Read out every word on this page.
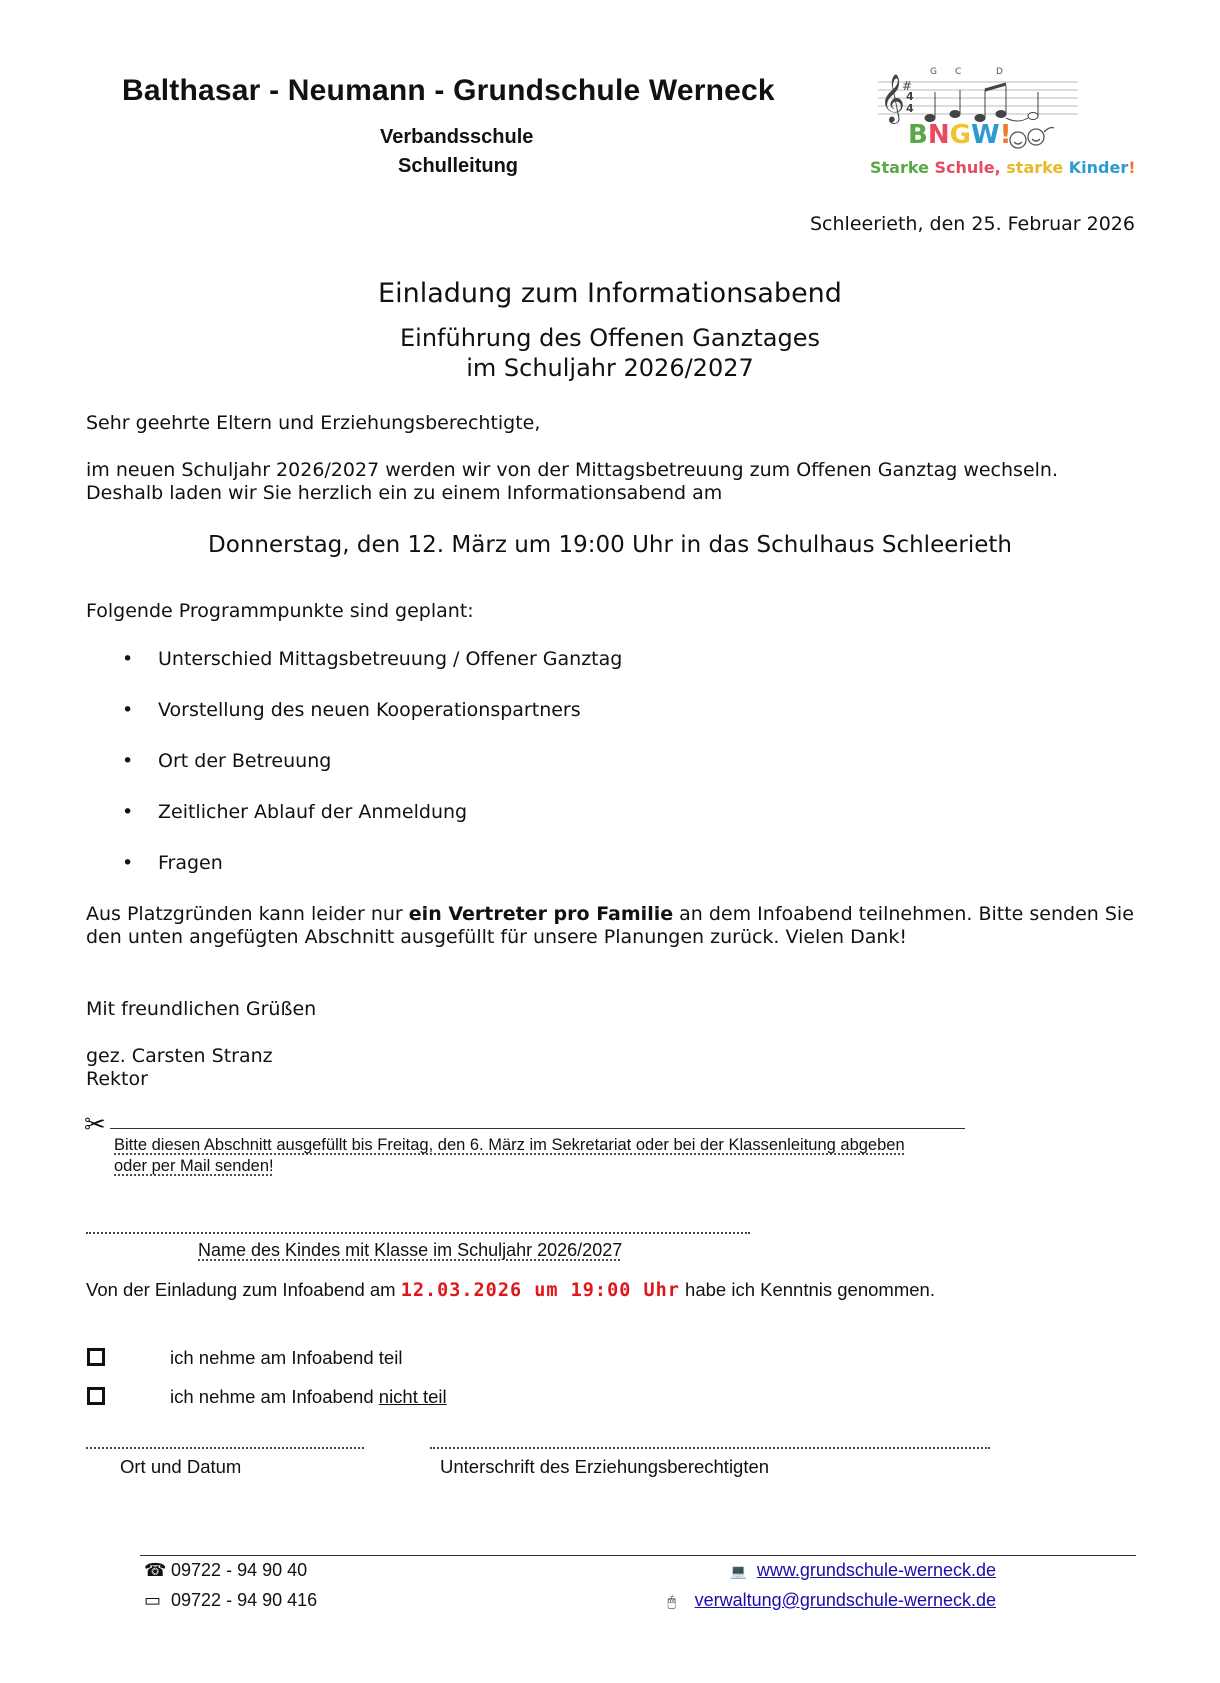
Balthasar - Neumann - Grundschule Werneck
Verbandsschule
Schulleitung
𝄞
#
4
4
G C	D
BNGW!
Starke Schule, starke Kinder!
Schleerieth, den 25. Februar 2026
Einladung zum Informationsabend
Einführung des Offenen Ganztages
im Schuljahr 2026/2027
Sehr geehrte Eltern und Erziehungsberechtigte,
im neuen Schuljahr 2026/2027 werden wir von der Mittagsbetreuung zum Offenen Ganztag wechseln.
Deshalb laden wir Sie herzlich ein zu einem Informationsabend am
Donnerstag, den 12. März um 19:00 Uhr in das Schulhaus Schleerieth
Folgende Programmpunkte sind geplant:
• Unterschied Mittagsbetreuung / Offener Ganztag
• Vorstellung des neuen Kooperationspartners
• Ort der Betreuung
• Zeitlicher Ablauf der Anmeldung
• Fragen
Aus Platzgründen kann leider nur ein Vertreter pro Familie an dem Infoabend teilnehmen. Bitte senden Sie
den unten angefügten Abschnitt ausgefüllt für unsere Planungen zurück. Vielen Dank!
Mit freundlichen Grüßen
gez. Carsten Stranz
Rektor
✂
Bitte diesen Abschnitt ausgefüllt bis Freitag, den 6. März im Sekretariat oder bei der Klassenleitung abgeben
oder per Mail senden!
Name des Kindes mit Klasse im Schuljahr 2026/2027
Von der Einladung zum Infoabend am 12.03.2026 um 19:00 Uhr habe ich Kenntnis genommen.
ich nehme am Infoabend teil
ich nehme am Infoabend nicht teil
Ort und Datum	Unterschrift des Erziehungsberechtigten
☎ 09722 - 94 90 40
▭ 09722 - 94 90 416
💻 www.grundschule-werneck.de
🖱 verwaltung@grundschule-werneck.de
